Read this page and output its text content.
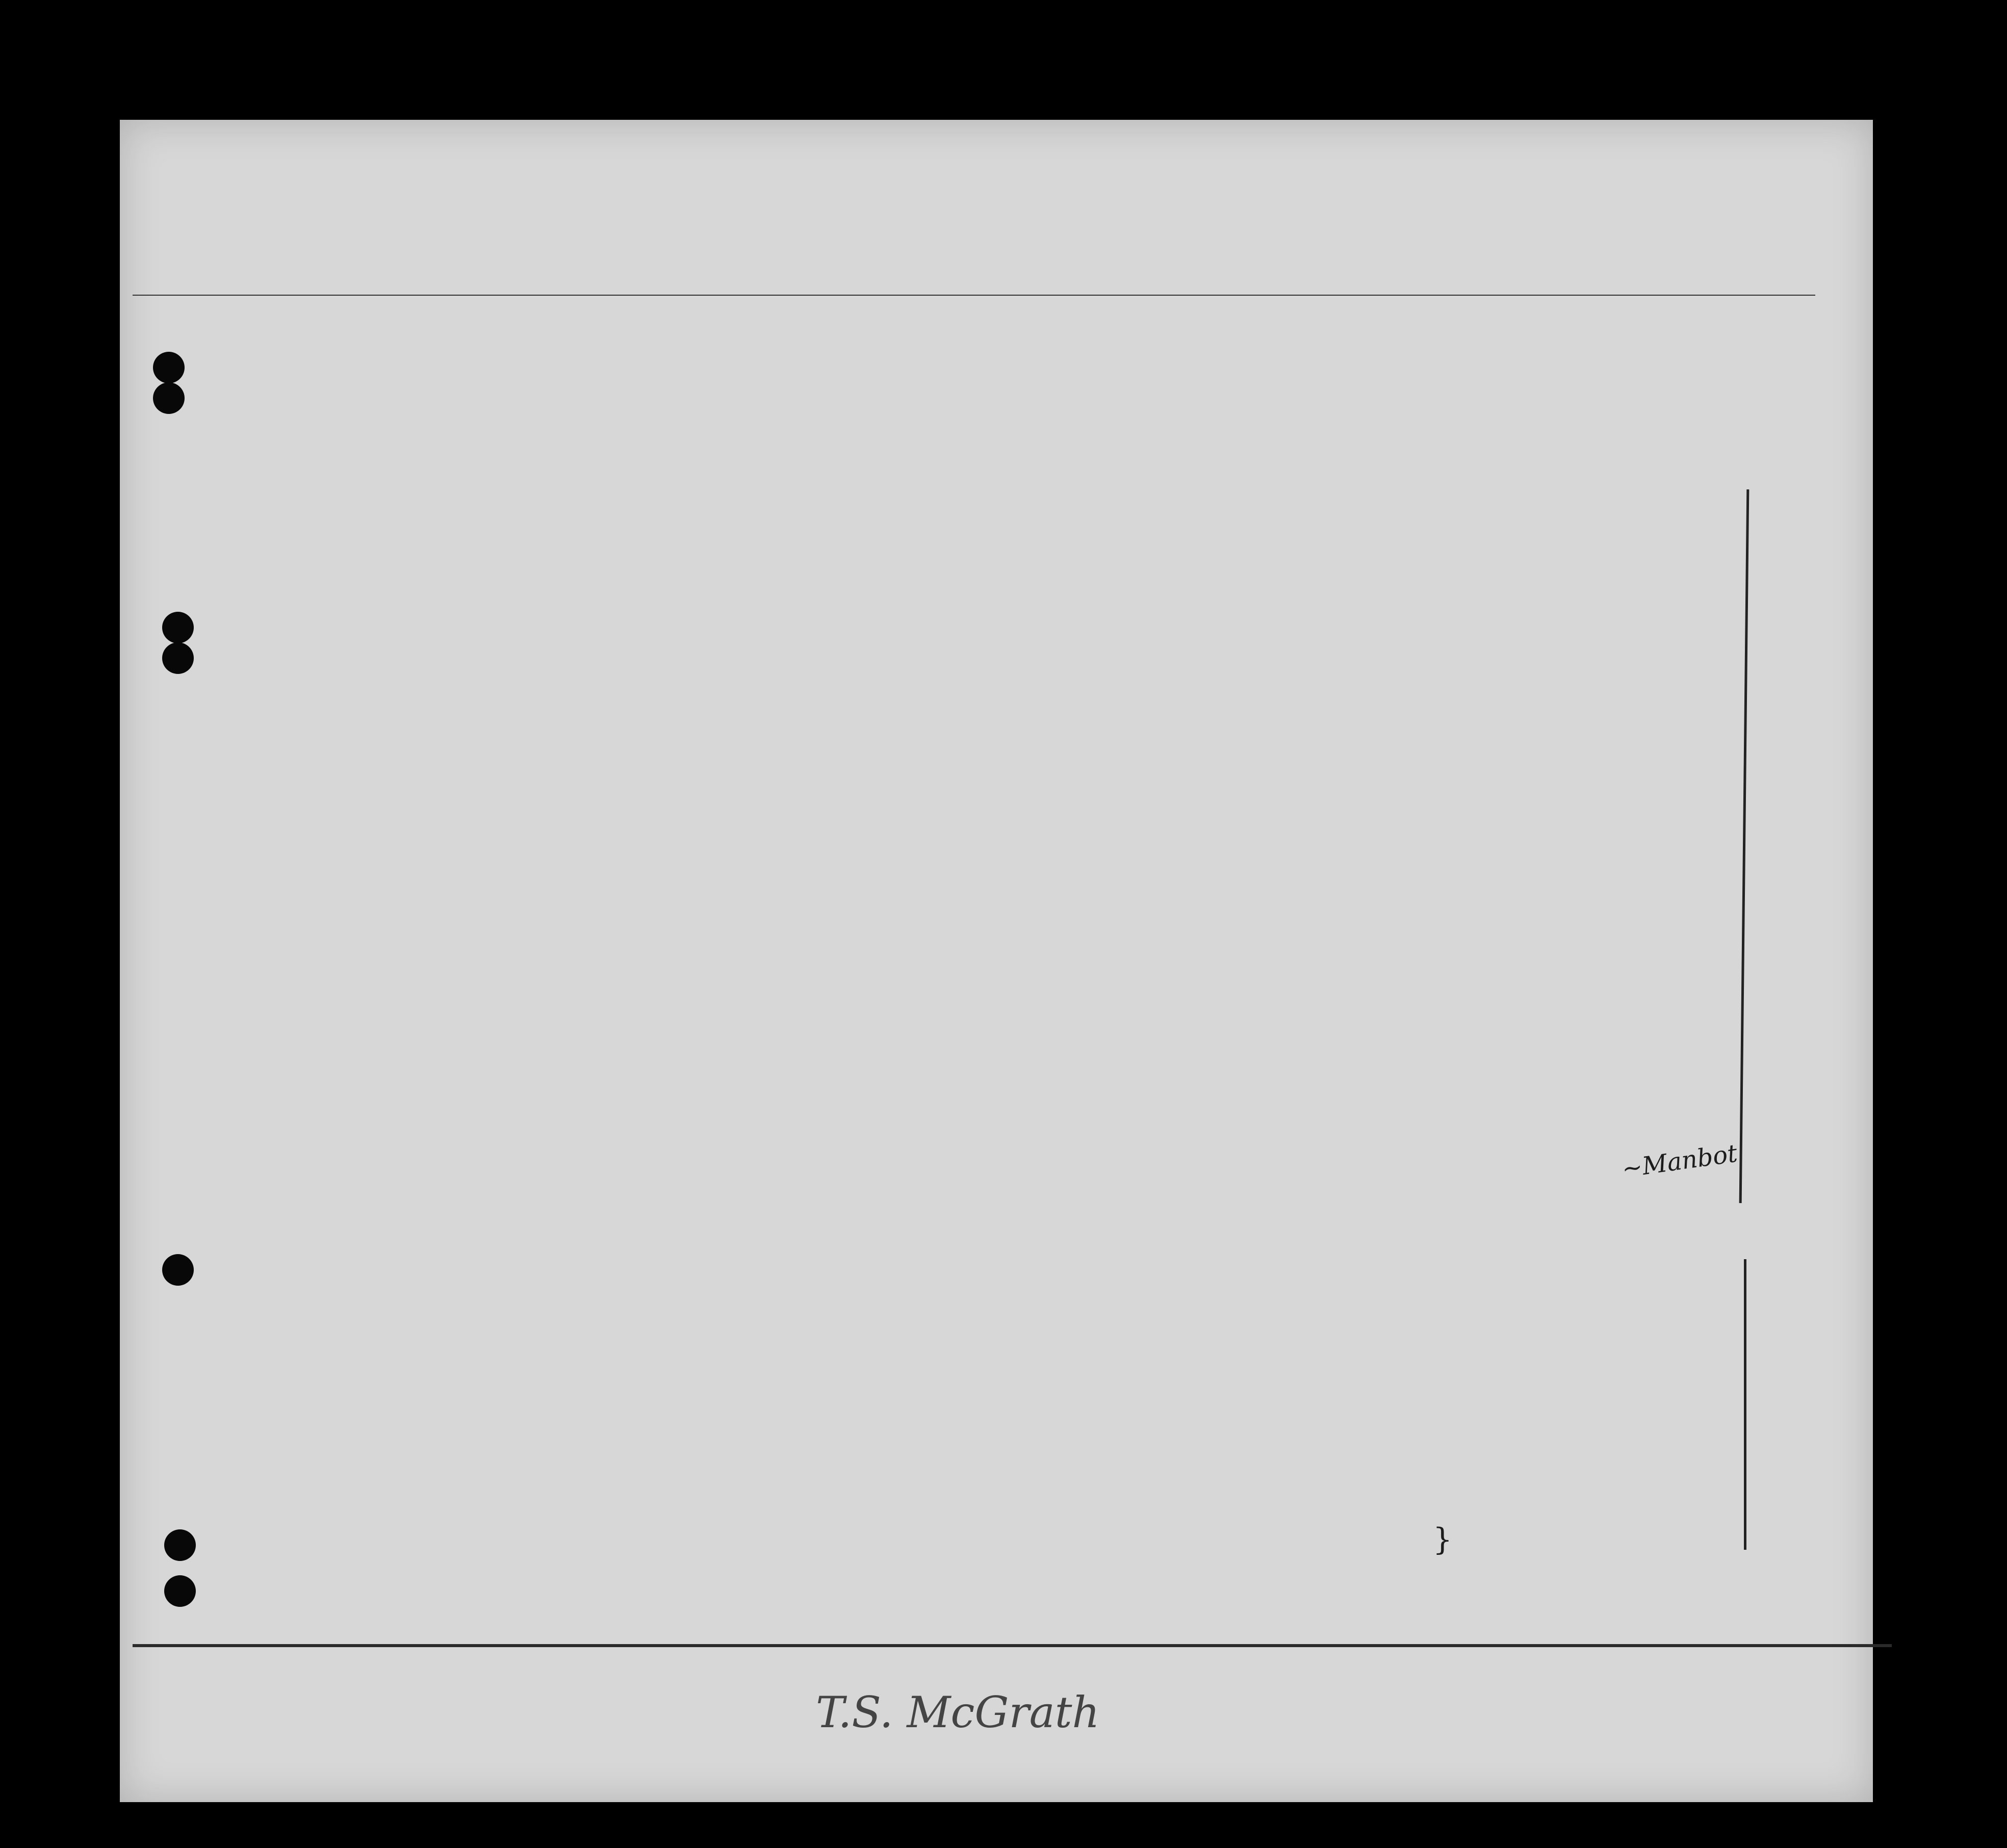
~Manbot
}
T.S. McGrath
